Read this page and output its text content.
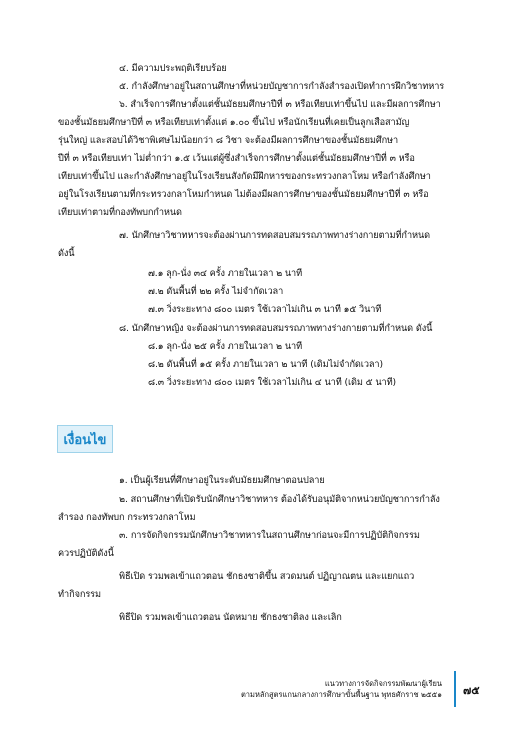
๔. มีความประพฤติเรียบร้อย
๕. กำลังศึกษาอยู่ในสถานศึกษาที่หน่วยบัญชาการกำลังสำรองเปิดทำการฝึกวิชาทหาร
๖. สำเร็จการศึกษาตั้งแต่ชั้นมัธยมศึกษาปีที่ ๓ หรือเทียบเท่าขึ้นไป และมีผลการศึกษา
ของชั้นมัธยมศึกษาปีที่ ๓ หรือเทียบเท่าตั้งแต่ ๑.๐๐ ขึ้นไป หรือนักเรียนที่เคยเป็นลูกเสือสามัญ
รุ่นใหญ่ และสอบได้วิชาพิเศษไม่น้อยกว่า ๘ วิชา จะต้องมีผลการศึกษาของชั้นมัธยมศึกษา
ปีที่ ๓ หรือเทียบเท่า ไม่ต่ำกว่า ๑.๕ เว้นแต่ผู้ซึ่งสำเร็จการศึกษาตั้งแต่ชั้นมัธยมศึกษาปีที่ ๓ หรือ
เทียบเท่าขึ้นไป และกำลังศึกษาอยู่ในโรงเรียนสังกัดมีฝึกหารของกระทรวงกลาโหม หรือกำลังศึกษา
อยู่ในโรงเรียนตามที่กระทรวงกลาโหมกำหนด ไม่ต้องมีผลการศึกษาของชั้นมัธยมศึกษาปีที่ ๓ หรือ
เทียบเท่าตามที่กองทัพบกกำหนด
๗. นักศึกษาวิชาทหารจะต้องผ่านการทดสอบสมรรถภาพทางร่างกายตามที่กำหนด
ดังนี้
๗.๑ ลุก-นั่ง ๓๔ ครั้ง ภายในเวลา ๒ นาที
๗.๒ ดันพื้นที่ ๒๒ ครั้ง ไม่จำกัดเวลา
๗.๓ วิ่งระยะทาง ๘๐๐ เมตร ใช้เวลาไม่เกิน ๓ นาที ๑๕ วินาที
๘. นักศึกษาหญิง จะต้องผ่านการทดสอบสมรรถภาพทางร่างกายตามที่กำหนด ดังนี้
๘.๑ ลุก-นั่ง ๒๕ ครั้ง ภายในเวลา ๒ นาที
๘.๒ ดันพื้นที่ ๑๕ ครั้ง ภายในเวลา ๒ นาที (เดิมไม่จำกัดเวลา)
๘.๓ วิ่งระยะทาง ๘๐๐ เมตร ใช้เวลาไม่เกิน ๔ นาที (เดิม ๕ นาที)
เงื่อนไข
๑. เป็นผู้เรียนที่ศึกษาอยู่ในระดับมัธยมศึกษาตอนปลาย
๒. สถานศึกษาที่เปิดรับนักศึกษาวิชาทหาร ต้องได้รับอนุมัติจากหน่วยบัญชาการกำลัง
สำรอง กองทัพบก กระทรวงกลาโหม
๓. การจัดกิจกรรมนักศึกษาวิชาทหารในสถานศึกษาก่อนจะมีการปฏิบัติกิจกรรม
ควรปฏิบัติดังนี้
พิธีเปิด รวมพลเข้าแถวตอน ชักธงชาติขึ้น สวดมนต์ ปฏิญาณตน และแยกแถว
ทำกิจกรรม
พิธีปิด รวมพลเข้าแถวตอน นัดหมาย ชักธงชาติลง และเลิก
แนวทางการจัดกิจกรรมพัฒนาผู้เรียน
ตามหลักสูตรแกนกลางการศึกษาขั้นพื้นฐาน พุทธศักราช ๒๕๕๑ ๗๕
